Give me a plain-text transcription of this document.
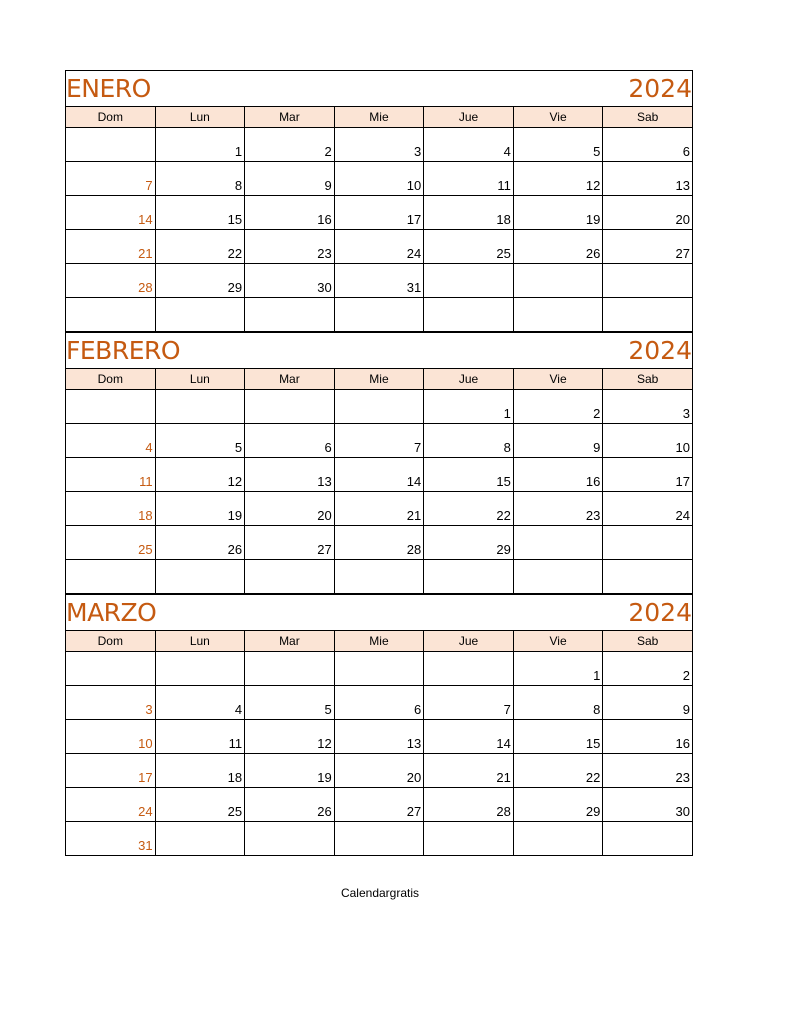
ENERO	2024
Dom	Lun	Mar	Mie	Jue	Vie	Sab
	1	2	3	4	5	6
7	8	9	10	11	12	13
14	15	16	17	18	19	20
21	22	23	24	25	26	27
28	29	30	31			

FEBRERO	2024
Dom	Lun	Mar	Mie	Jue	Vie	Sab
				1	2	3
4	5	6	7	8	9	10
11	12	13	14	15	16	17
18	19	20	21	22	23	24
25	26	27	28	29		

MARZO	2024
Dom	Lun	Mar	Mie	Jue	Vie	Sab
					1	2
3	4	5	6	7	8	9
10	11	12	13	14	15	16
17	18	19	20	21	22	23
24	25	26	27	28	29	30
31						
Calendargratis
